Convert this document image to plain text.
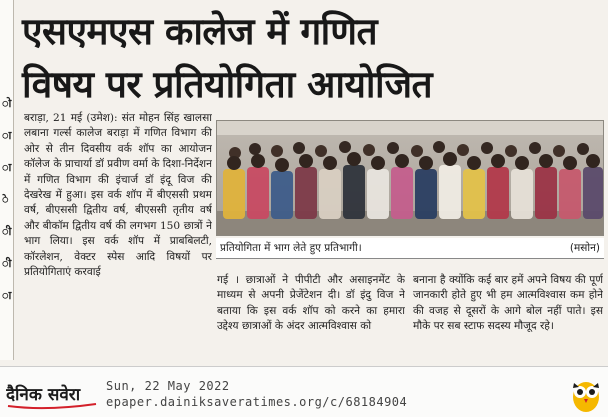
ो
ा
ा
े
ी
ी
ा
एसएमएस कालेज में गणित
विषय पर प्रतियोगिता आयोजित

बराड़ा, 21 मई (उमेश): संत मोहन सिंह खालसा लबाना गर्ल्स कालेज बराड़ा में गणित विभाग की ओर से तीन दिवसीय वर्क शॉप का आयोजन कॉलेज के प्राचार्या डॉ प्रवीण वर्मा के दिशा-निर्देशन में गणित विभाग की इंचार्ज डॉ इंदू विज की देखरेख में हुआ। इस वर्क शॉप में बीएससी प्रथम वर्ष, बीएससी द्वितीय वर्ष, बीएससी तृतीय वर्ष और बीकॉम द्वितीय वर्ष की लगभग 150 छात्रों ने भाग लिया। इस वर्क शॉप में प्राबबिलटी, कॉरलेशन, वेक्टर स्पेस आदि विषयों पर प्रतियोगिताएं करवाई

प्रतियोगिता में भाग लेते हुए प्रतिभागी।	(मसोन)

गई । छात्राओं ने पीपीटी और असाइनमेंट के माध्यम से अपनी प्रेजेंटेशन दी। डॉ इंदु विज ने बताया कि इस वर्क शॉप को करने का हमारा उद्देश्य छात्राओं के अंदर आत्मविश्वास को

बनाना है क्योंकि कई बार हमें अपने विषय की पूर्ण जानकारी होते हुए भी हम आत्मविश्वास कम होने की वजह से दूसरों के आगे बोल नहीं पाते। इस मौके पर सब स्टाफ सदस्य मौजूद रहे।

दैनिक सवेरा Sun, 22 May 2022
epaper.dainiksaveratimes.org/c/68184904
